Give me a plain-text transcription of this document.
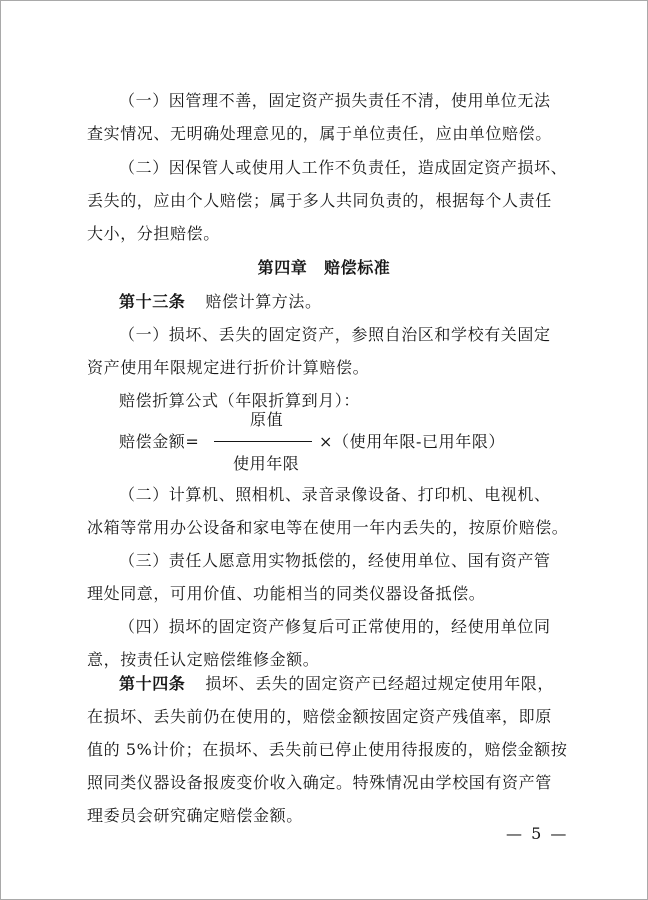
（一）因管理不善，固定资产损失责任不清，使用单位无法
查实情况、无明确处理意见的，属于单位责任，应由单位赔偿。
（二）因保管人或使用人工作不负责任，造成固定资产损坏、
丢失的，应由个人赔偿；属于多人共同负责的，根据每个人责任
大小，分担赔偿。
第四章　赔偿标准
第十三条 赔偿计算方法。
（一）损坏、丢失的固定资产，参照自治区和学校有关固定
资产使用年限规定进行折价计算赔偿。
赔偿折算公式（年限折算到月）：
原值
赔偿金额=	×（使用年限-已用年限）
使用年限
（二）计算机、照相机、录音录像设备、打印机、电视机、
冰箱等常用办公设备和家电等在使用一年内丢失的，按原价赔偿。
（三）责任人愿意用实物抵偿的，经使用单位、国有资产管
理处同意，可用价值、功能相当的同类仪器设备抵偿。
（四）损坏的固定资产修复后可正常使用的，经使用单位同
意，按责任认定赔偿维修金额。
第十四条 损坏、丢失的固定资产已经超过规定使用年限，
在损坏、丢失前仍在使用的，赔偿金额按固定资产残值率，即原
值的 5%计价；在损坏、丢失前已停止使用待报废的，赔偿金额按
照同类仪器设备报废变价收入确定。特殊情况由学校国有资产管
理委员会研究确定赔偿金额。
— 5 —
